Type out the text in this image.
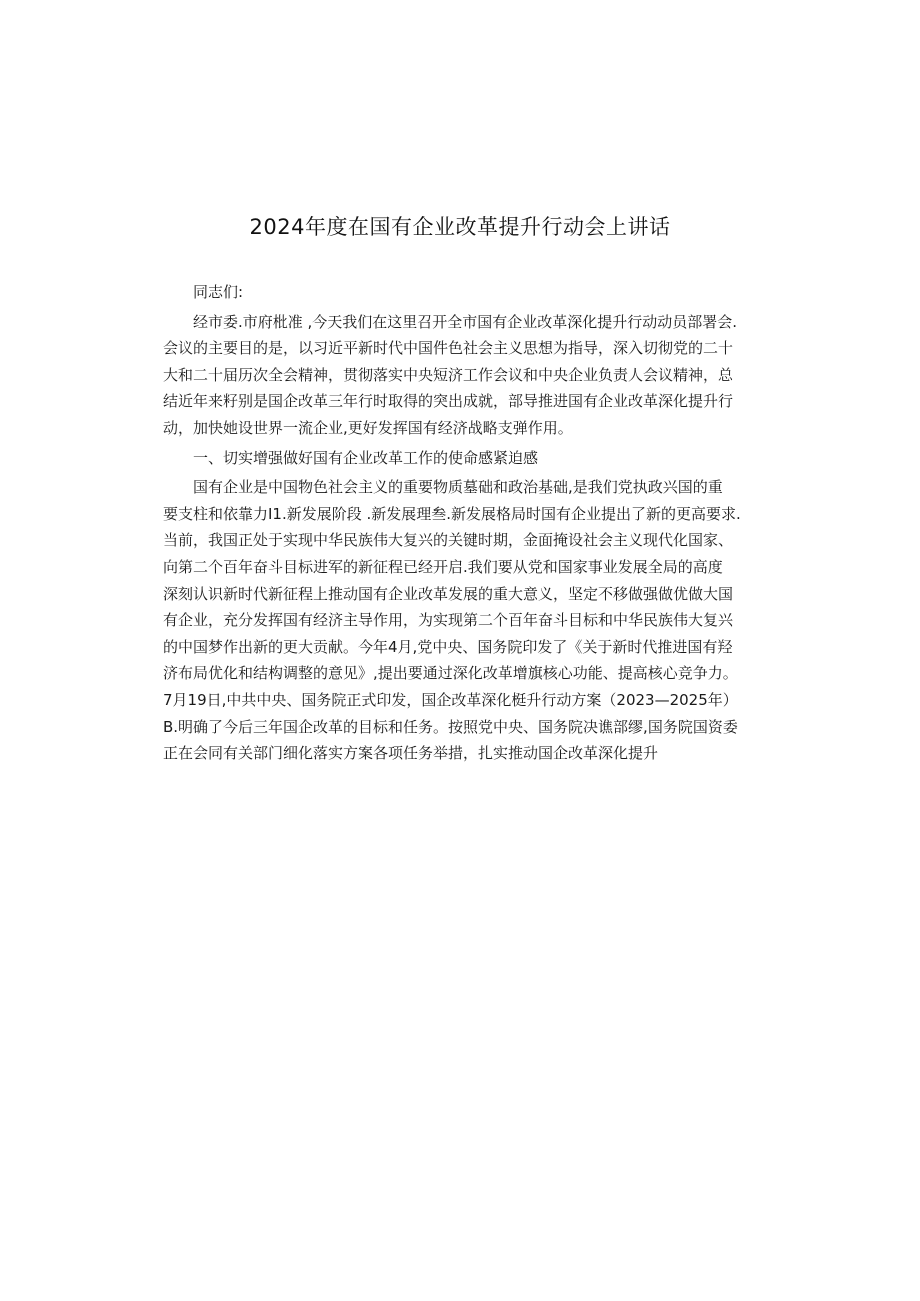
2024年度在国有企业改革提升行动会上讲话
同志们:
经市委.市府枇准 ,今天我们在这里召开全市国有企业改革深化提升行动动员部署会.
会议的主要目的是，以习近平新时代中国件色社会主义思想为指导，深入切彻党的二十
大和二十届历次全会精神，贯彻落实中央短济工作会议和中央企业负责人会议精神，总
结近年来籽别是国企改革三年行时取得的突出成就，部导推进国有企业改革深化提升行
动，加快她设世界一流企业,更好发挥国有经济战略支弹作用。
一、切实增强做好国有企业改革工作的使命感紧迫感
国有企业是中国物色社会主义的重要物质墓础和政治基础,是我们党执政兴国的重
要支柱和依靠力I1.新发展阶段 .新发展理叁.新发展格局时国有企业提出了新的更高要求.
当前，我国正处于实现中华民族伟大复兴的关键时期，金面掩设社会主义现代化国家、
向第二个百年奋斗目标进军的新征程已经开启.我们要从党和国家事业发展全局的高度
深刻认识新时代新征程上推动国有企业改革发展的重大意义，坚定不移做强做优做大国
有企业，充分发挥国有经济主导作用，为实现第二个百年奋斗目标和中华民族伟大复兴
的中国梦作出新的更大贡献。今年4月,党中央、国务院印发了《关于新时代推进国有羟
济布局优化和结构调整的意见》,提出要通过深化改革增旗核心功能、提高核心竞争力。
7月19日,中共中央、国务院正式印发，国企改革深化梃升行动方案（2023—2025年）
B.明确了今后三年国企改革的目标和任务。按照党中央、国务院决谯部缪,国务院国资委
正在会同有关部门细化落实方案各项任务举措，扎实推动国企改革深化提升
